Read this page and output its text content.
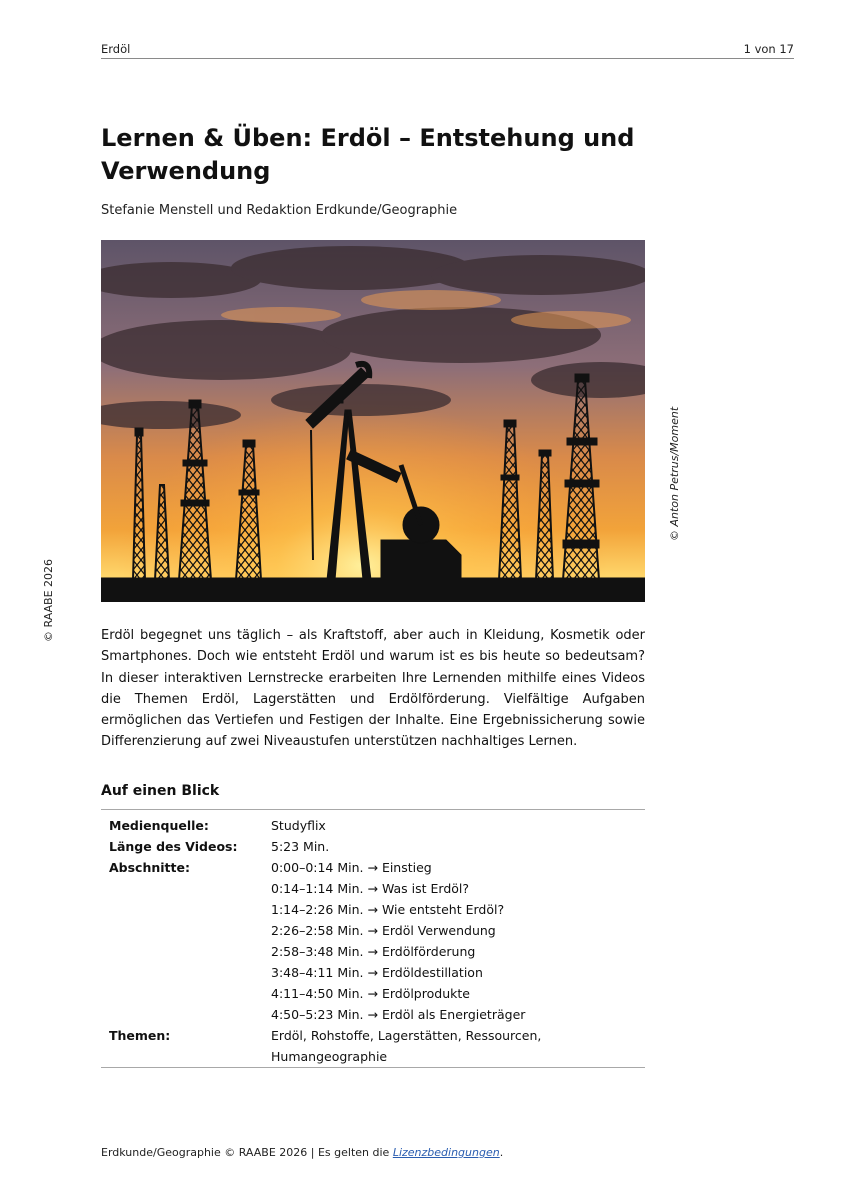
Erdöl	1 von 17
© RAABE 2026
© Anton Petrus/Moment
Lernen & Üben: Erdöl – Entstehung und Verwendung
Stefanie Menstell und Redaktion Erdkunde/Geographie

Erdöl begegnet uns täglich – als Kraftstoff, aber auch in Kleidung, Kosmetik oder Smartphones. Doch wie entsteht Erdöl und warum ist es bis heute so bedeutsam? In dieser interaktiven Lernstrecke erarbeiten Ihre Lernenden mithilfe eines Videos die Themen Erdöl, Lagerstätten und Erdölförderung. Vielfältige Aufgaben ermöglichen das Vertiefen und Festigen der Inhalte. Eine Ergebnissicherung sowie Differenzierung auf zwei Niveaustufen unterstützen nachhaltiges Lernen.

Auf einen Blick
Medienquelle:	Studyflix
Länge des Videos:	5:23 Min.
Abschnitte:	0:00–0:14 Min. → Einstieg
	0:14–1:14 Min. → Was ist Erdöl?
	1:14–2:26 Min. → Wie entsteht Erdöl?
	2:26–2:58 Min. → Erdöl Verwendung
	2:58–3:48 Min. → Erdölförderung
	3:48–4:11 Min. → Erdöldestillation
	4:11–4:50 Min. → Erdölprodukte
	4:50–5:23 Min. → Erdöl als Energieträger
Themen:	Erdöl, Rohstoffe, Lagerstätten, Ressourcen, Humangeographie
Erdkunde/Geographie © RAABE 2026 | Es gelten die Lizenzbedingungen.
